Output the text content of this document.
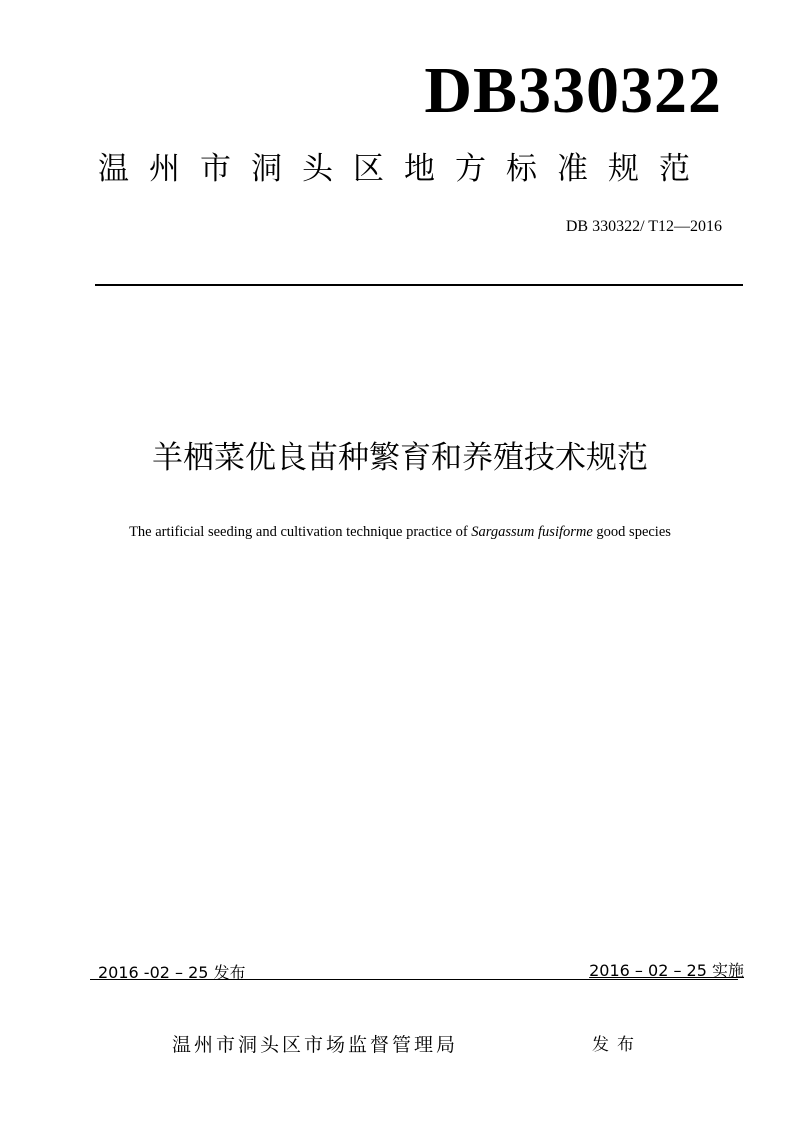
DB330322
温州市洞头区地方标准规范
DB 330322/ T12—2016
羊栖菜优良苗种繁育和养殖技术规范
The artificial seeding and cultivation technique practice of Sargassum fusiforme good species
2016 -02 – 25 发布	2016 – 02 – 25 实施
温州市洞头区市场监督管理局	发布
